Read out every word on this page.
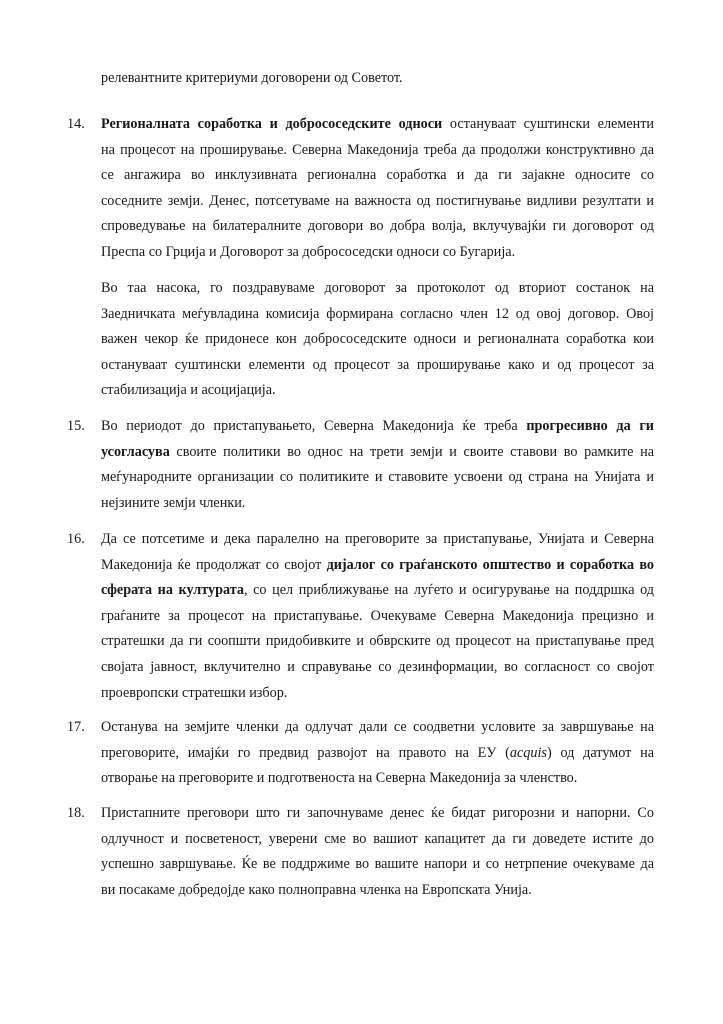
релевантните критериуми договорени од Советот.

14.	Регионалната соработка и добрососедските односи остануваат суштински елементи
на процесот на проширување. Северна Македонија треба да продолжи конструктивно да
се ангажира во инклузивната регионална соработка и да ги зајакне односите со
соседните земји. Денес, потсетуваме на важноста од постигнување видливи резултати и
спроведување на билатералните договори во добра волја, вклучувајќи ги договорот од
Преспа со Грција и Договорот за добрососедски односи со Бугарија.

Во таа насока, го поздравуваме договорот за протоколот од вториот состанок на
Заедничката меѓувладина комисија формирана согласно член 12 од овој договор. Овој
важен чекор ќе придонесе кон добрососедските односи и регионалната соработка кои
остануваат суштински елементи од процесот за проширување како и од процесот за
стабилизација и асоцијација.

15.	Во периодот до пристапувањето, Северна Македонија ќе треба прогресивно да ги
усогласува своите политики во однос на трети земји и своите ставови во рамките на
меѓународните организации со политиките и ставовите усвоени од страна на Унијата и
нејзините земји членки.

16.	Да се потсетиме и дека паралелно на преговорите за пристапување, Унијата и Северна
Македонија ќе продолжат со својот дијалог со граѓанското општество и соработка во
сферата на културата, со цел приближување на луѓето и осигурување на поддршка од
граѓаните за процесот на пристапување. Очекуваме Северна Македонија прецизно и
стратешки да ги соопшти придобивките и обврските од процесот на пристапување пред
својата јавност, вклучително и справување со дезинформации, во согласност со својот
проевропски стратешки избор.

17.	Останува на земјите членки да одлучат дали се соодветни условите за завршување на
преговорите, имајќи го предвид развојот на правото на ЕУ (acquis) од датумот на
отворање на преговорите и подготвеноста на Северна Македонија за членство.

18.	Пристапните преговори што ги започнуваме денес ќе бидат ригорозни и напорни. Со
одлучност и посветеност, уверени сме во вашиот капацитет да ги доведете истите до
успешно завршување. Ќе ве поддржиме во вашите напори и со нетрпение очекуваме да
ви посакаме добредојде како полноправна членка на Европската Унија.
